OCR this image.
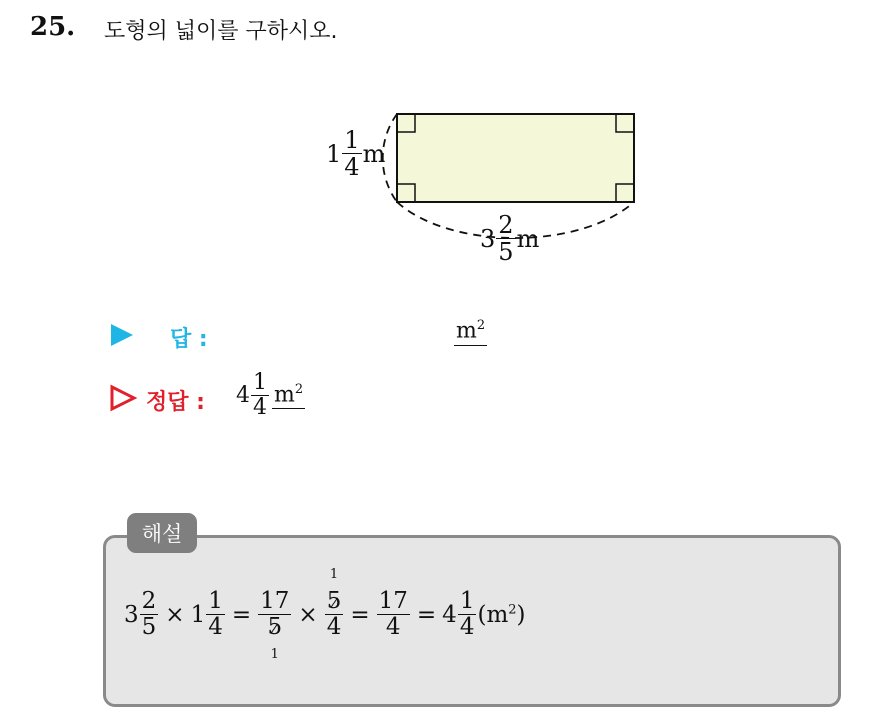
25. 도형의 넓이를 구하시오.
$1 \frac{1}{4}$ m
$3 \frac{2}{5}$ m
답 :	$m^2$
정답 : $4 \frac{1}{4} m^2$
해설
$3 \frac{2}{5} \times 1 \frac{1}{4} = 17$
5
1 × 1
5
$4 = \frac{17}{4} = 4 \frac{1}{4} (m^2)$
